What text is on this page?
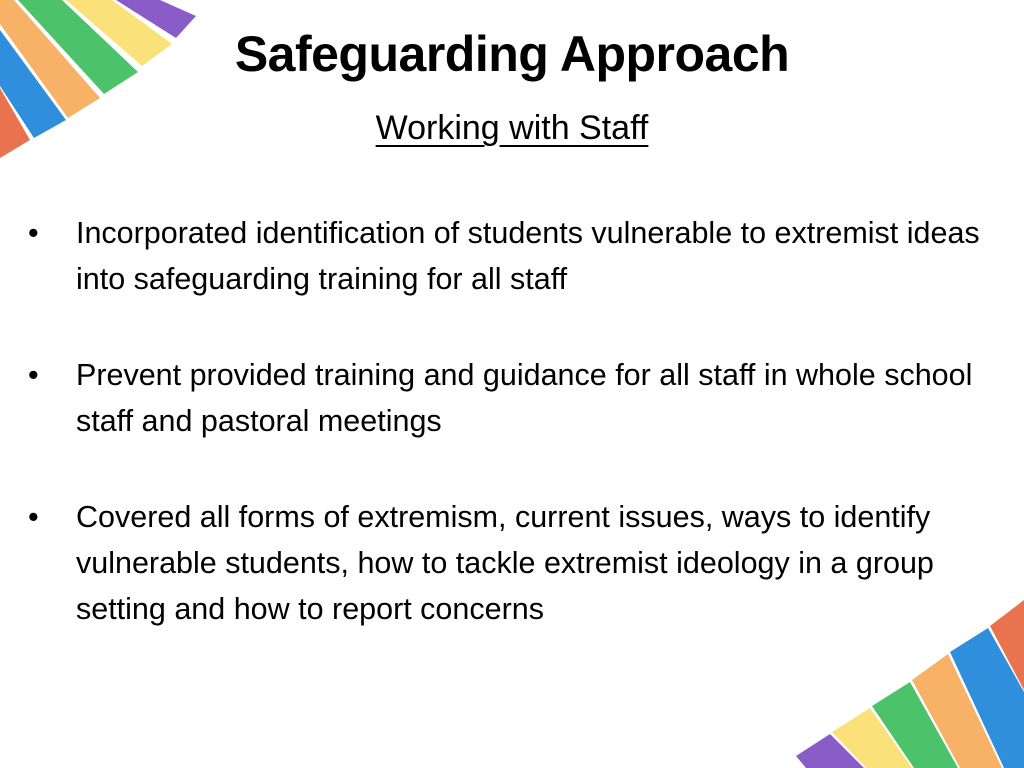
Safeguarding Approach
Working with Staff
•	Incorporated identification of students vulnerable to extremist ideas into safeguarding training for all staff
•	Prevent provided training and guidance for all staff in whole school staff and pastoral meetings
•	Covered all forms of extremism, current issues, ways to identify vulnerable students, how to tackle extremist ideology in a group setting and how to report concerns
